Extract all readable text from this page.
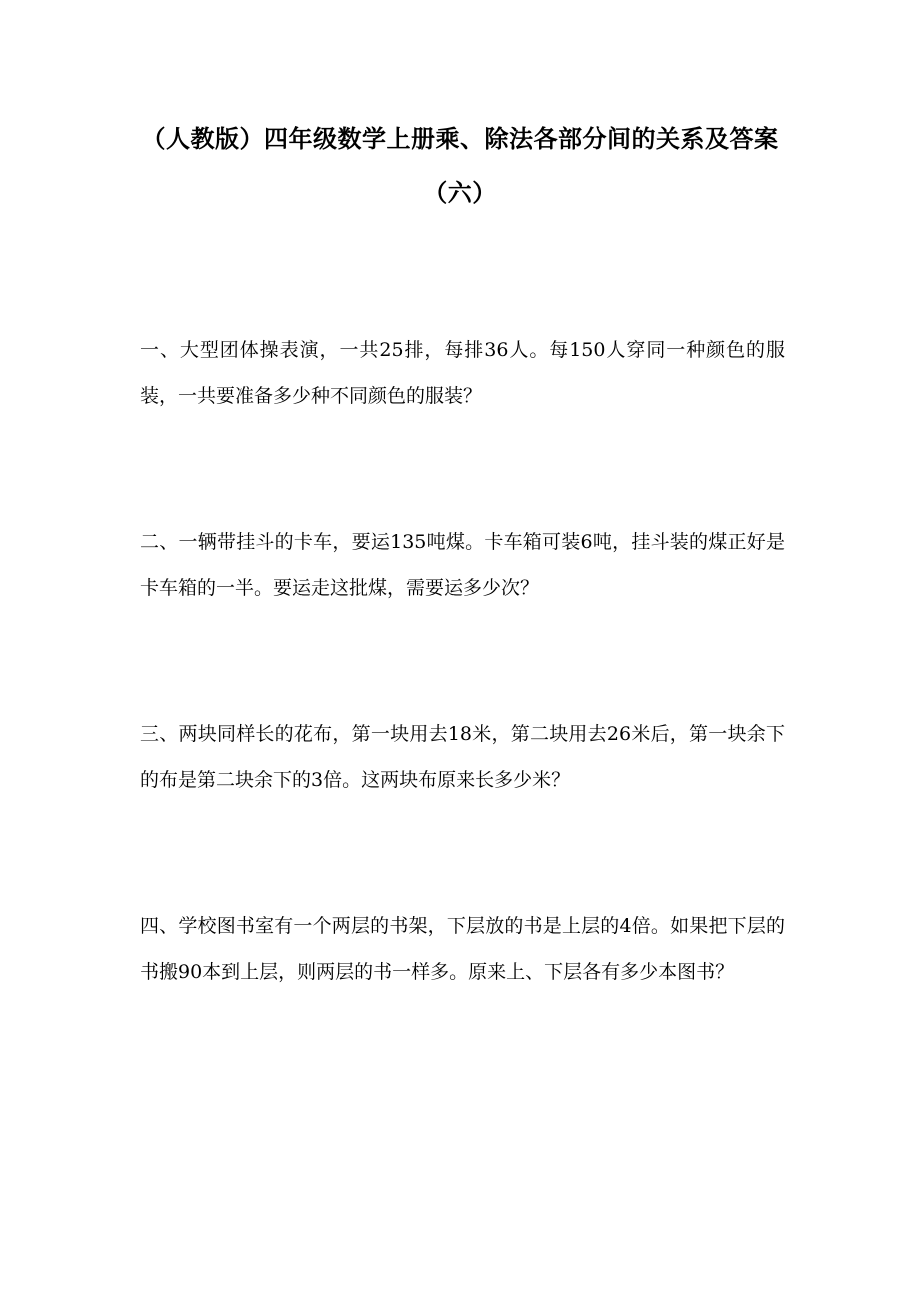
（人教版）四年级数学上册乘、除法各部分间的关系及答案
（六）

一、大型团体操表演，一共25排，每排36人。每150人穿同一种颜色的服装，一共要准备多少种不同颜色的服装？

二、一辆带挂斗的卡车，要运135吨煤。卡车箱可装6吨，挂斗装的煤正好是卡车箱的一半。要运走这批煤，需要运多少次？

三、两块同样长的花布，第一块用去18米，第二块用去26米后，第一块余下的布是第二块余下的3倍。这两块布原来长多少米？

四、学校图书室有一个两层的书架，下层放的书是上层的4倍。如果把下层的书搬90本到上层，则两层的书一样多。原来上、下层各有多少本图书？
